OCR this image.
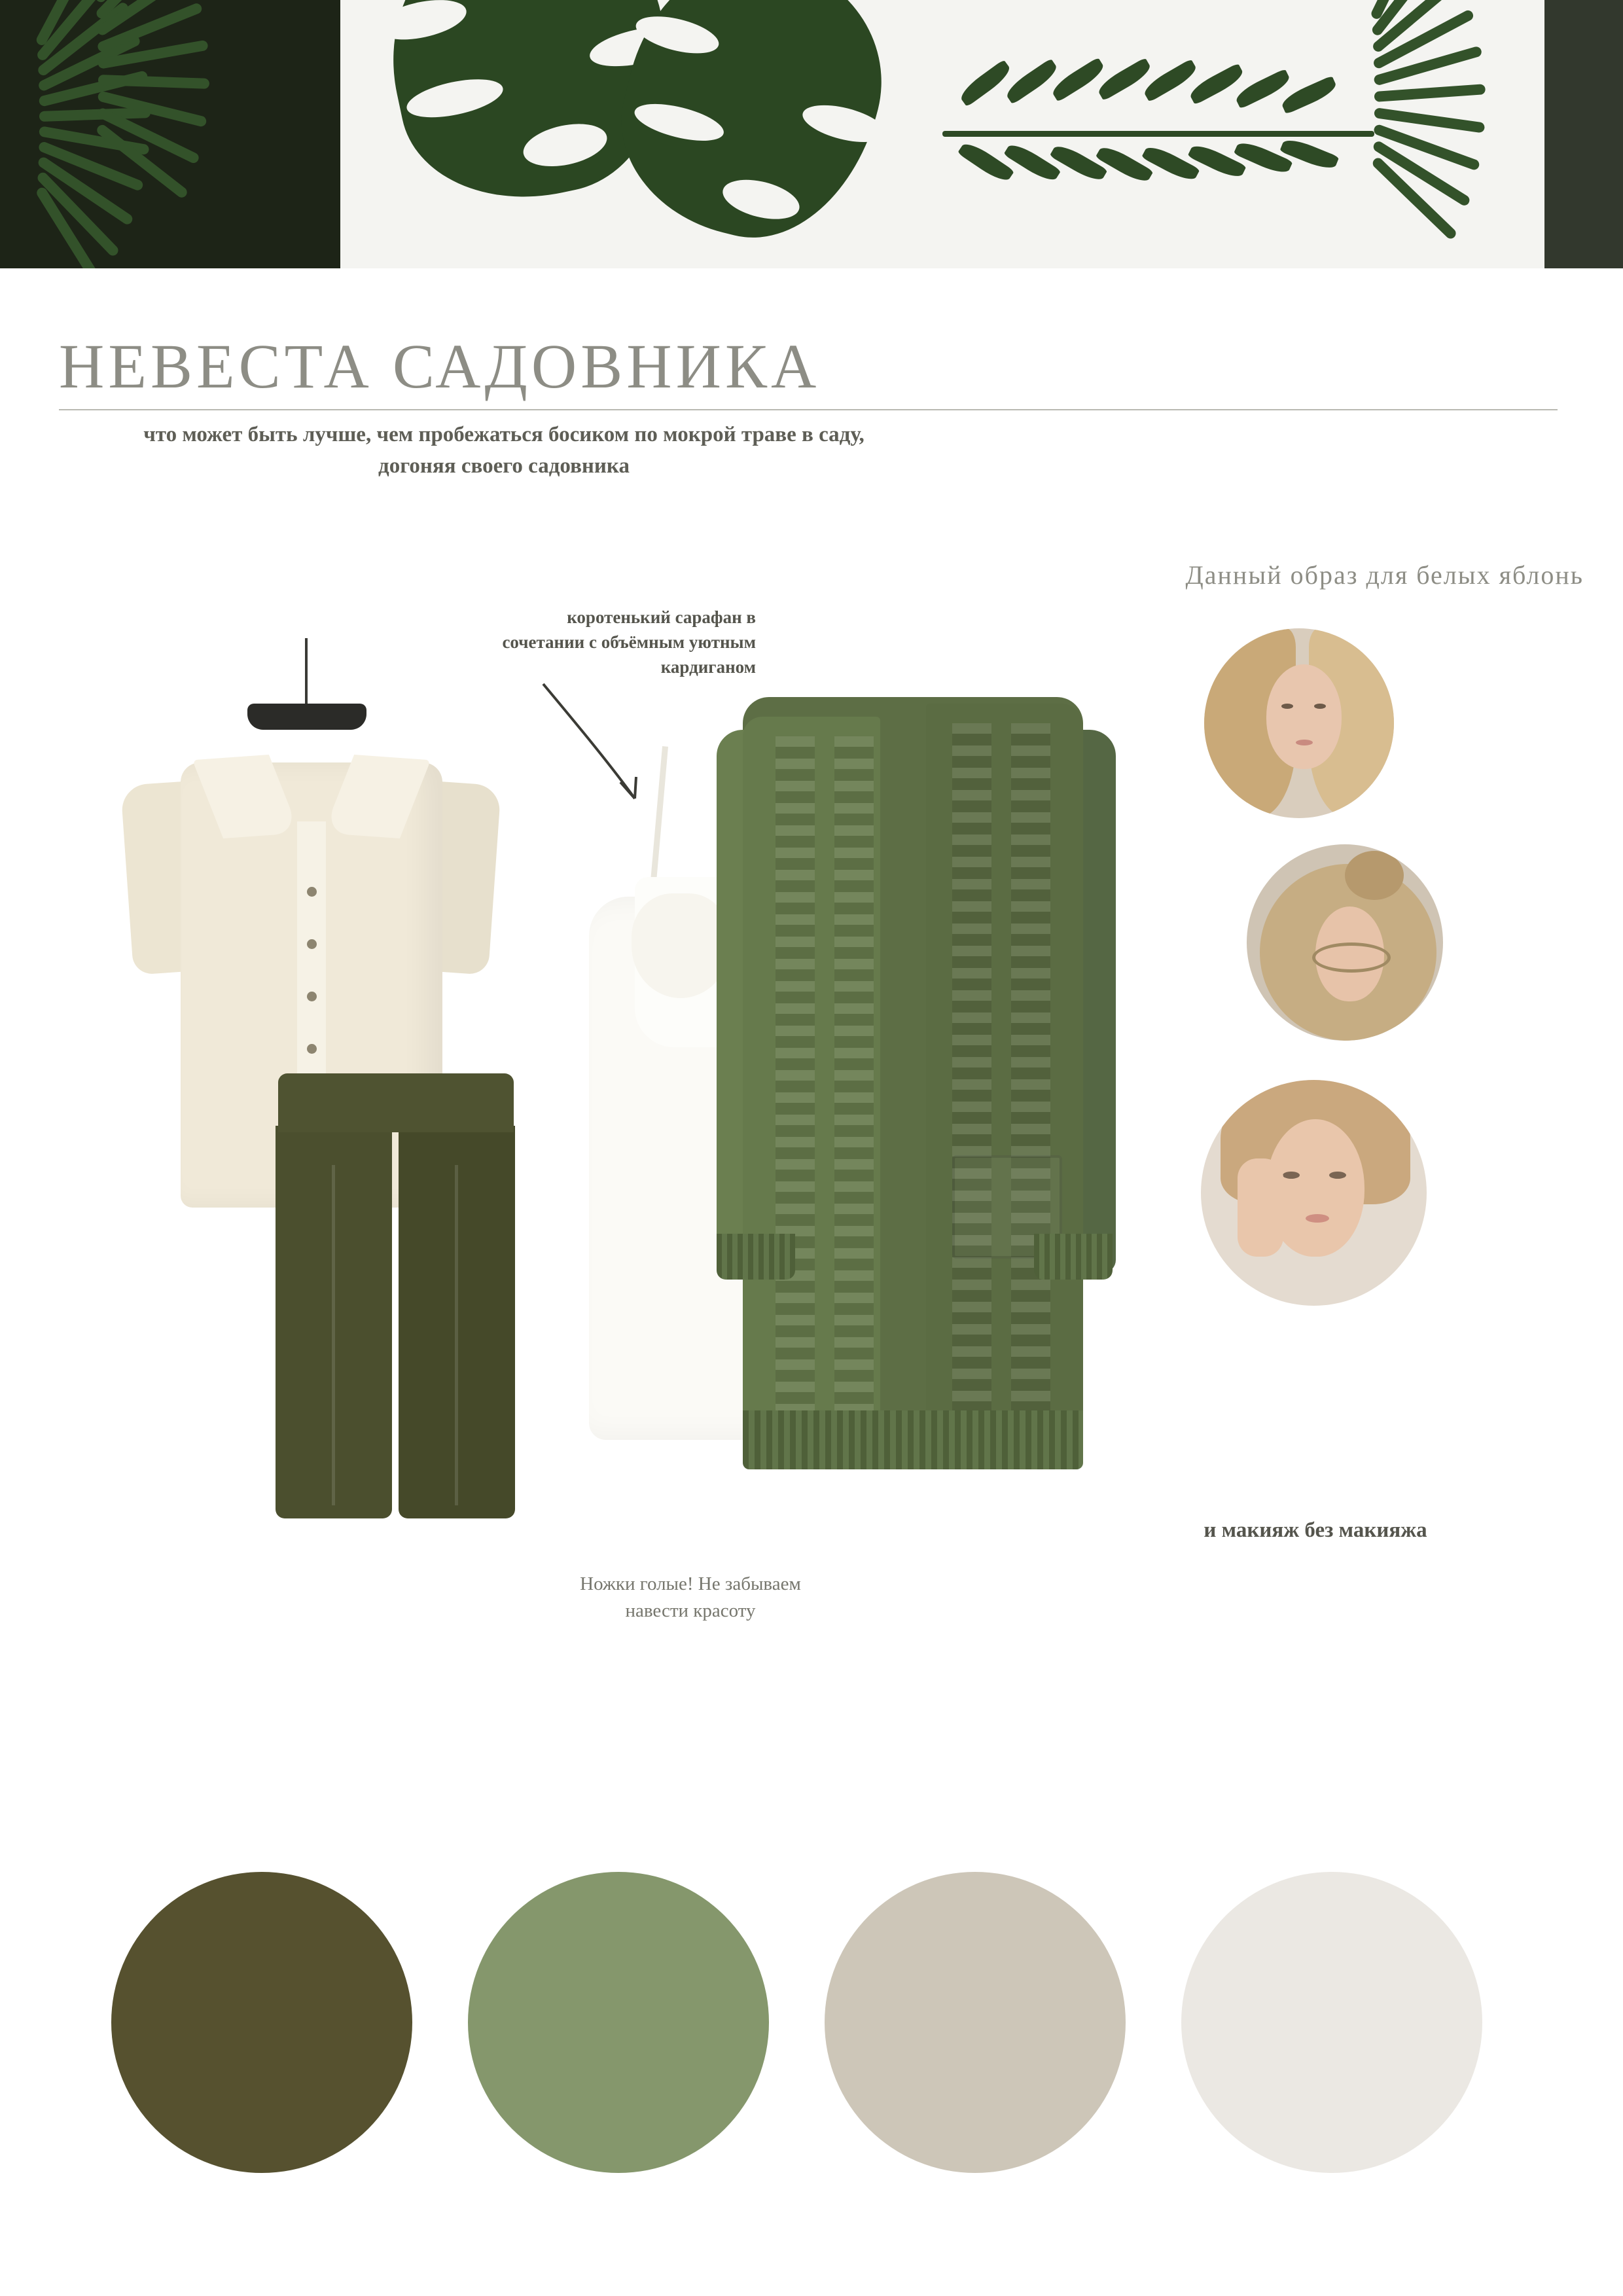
НЕВЕСТА САДОВНИКА
что может быть лучше, чем пробежаться босиком по мокрой траве в саду, догоняя своего садовника
Данный образ для белых яблонь
коротенький сарафан в сочетании с объёмным уютным кардиганом
Ножки голые! Не забываем навести красоту
и макияж без макияжа
